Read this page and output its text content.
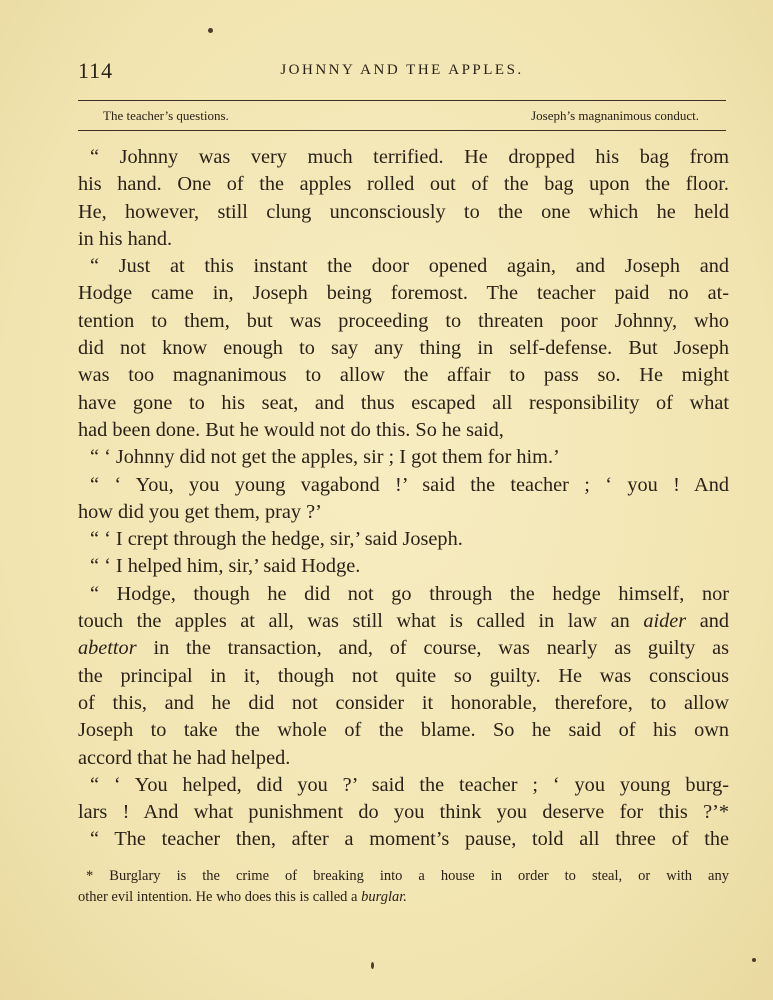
114	JOHNNY AND THE APPLES.
The teacher’s questions.	Joseph’s magnanimous conduct.
“ Johnny was very much terrified. He dropped his bag from
his hand. One of the apples rolled out of the bag upon the floor.
He, however, still clung unconsciously to the one which he held
in his hand.
“ Just at this instant the door opened again, and Joseph and
Hodge came in, Joseph being foremost. The teacher paid no at-
tention to them, but was proceeding to threaten poor Johnny, who
did not know enough to say any thing in self-defense. But Joseph
was too magnanimous to allow the affair to pass so. He might
have gone to his seat, and thus escaped all responsibility of what
had been done. But he would not do this. So he said,
“ ‘ Johnny did not get the apples, sir ; I got them for him.’
“ ‘ You, you young vagabond !’ said the teacher ; ‘ you ! And
how did you get them, pray ?’
“ ‘ I crept through the hedge, sir,’ said Joseph.
“ ‘ I helped him, sir,’ said Hodge.
“ Hodge, though he did not go through the hedge himself, nor
touch the apples at all, was still what is called in law an aider and
abettor in the transaction, and, of course, was nearly as guilty as
the principal in it, though not quite so guilty. He was conscious
of this, and he did not consider it honorable, therefore, to allow
Joseph to take the whole of the blame. So he said of his own
accord that he had helped.
“ ‘ You helped, did you ?’ said the teacher ; ‘ you young burg-
lars ! And what punishment do you think you deserve for this ?’*
“ The teacher then, after a moment’s pause, told all three of the
* Burglary is the crime of breaking into a house in order to steal, or with any
other evil intention. He who does this is called a burglar.
